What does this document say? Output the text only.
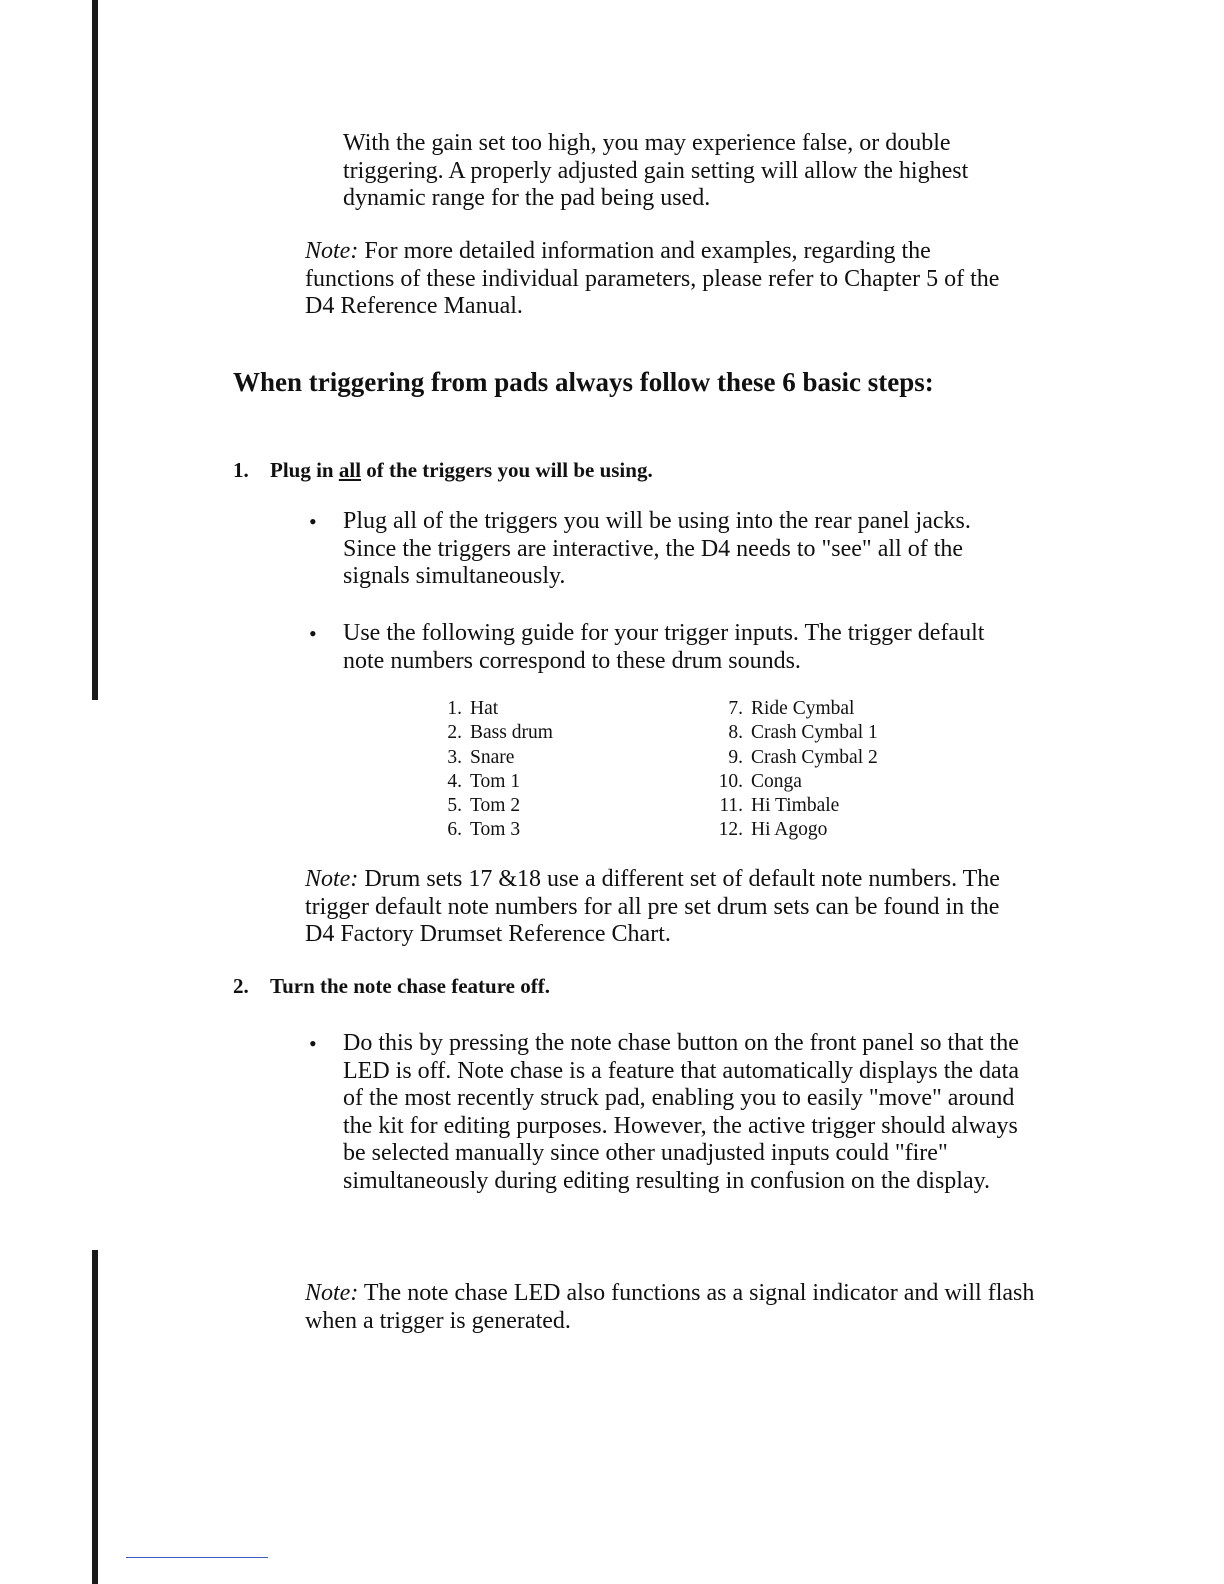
With the gain set too high, you may experience false, or double triggering. A properly adjusted gain setting will allow the highest dynamic range for the pad being used.

Note: For more detailed information and examples, regarding the functions of these individual parameters, please refer to Chapter 5 of the D4 Reference Manual.

When triggering from pads always follow these 6 basic steps:
1. Plug in all of the triggers you will be using.
• Plug all of the triggers you will be using into the rear panel jacks. Since the triggers are interactive, the D4 needs to "see" all of the signals simultaneously.
• Use the following guide for your trigger inputs. The trigger default note numbers correspond to these drum sounds.
1. Hat
2. Bass drum
3. Snare
4. Tom 1
5. Tom 2
6. Tom 3
7. Ride Cymbal
8. Crash Cymbal 1
9. Crash Cymbal 2
10. Conga
11. Hi Timbale
12. Hi Agogo

Note: Drum sets 17 &18 use a different set of default note numbers. The trigger default note numbers for all pre set drum sets can be found in the D4 Factory Drumset Reference Chart.

2. Turn the note chase feature off.
• Do this by pressing the note chase button on the front panel so that the LED is off. Note chase is a feature that automatically displays the data of the most recently struck pad, enabling you to easily "move" around the kit for editing purposes. However, the active trigger should always be selected manually since other unadjusted inputs could "fire" simultaneously during editing resulting in confusion on the display.

Note: The note chase LED also functions as a signal indicator and will flash when a trigger is generated.
